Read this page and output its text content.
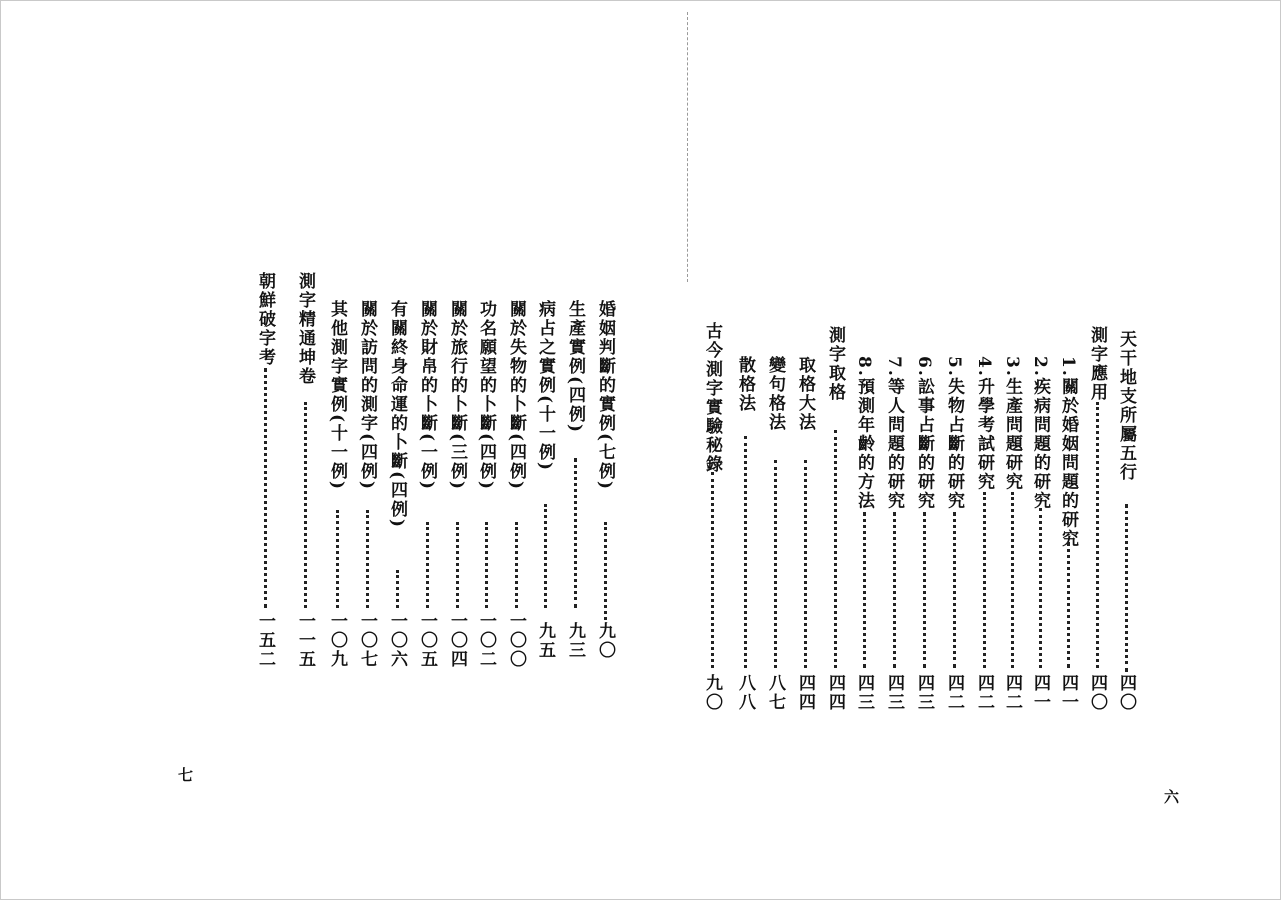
婚姻判斷的實例(七例)
九〇
生產實例(四例)
九三
病占之實例(十一例)
九五
關於失物的卜斷(四例)
一〇〇
功名願望的卜斷(四例)
一〇二
關於旅行的卜斷(三例)
一〇四
關於財帛的卜斷(一例)
一〇五
有關終身命運的卜斷(四例)
一〇六
關於訪問的測字(四例)
一〇七
其他測字實例(十一例)
一〇九
測字精通坤卷
一一五
朝鮮破字考
一五二
七
天干地支所屬五行
四〇
測字應用
四〇
1.關於婚姻問題的研究
四一
2.疾病問題的研究
四一
3.生產問題研究
四二
4.升學考試研究
四二
5.失物占斷的研究
四二
6.訟事占斷的研究
四三
7.等人問題的研究
四三
8.預測年齡的方法
四三
測字取格
四四
取格大法
四四
變句格法
八七
散格法
八八
古今測字實驗秘錄
九〇
六
